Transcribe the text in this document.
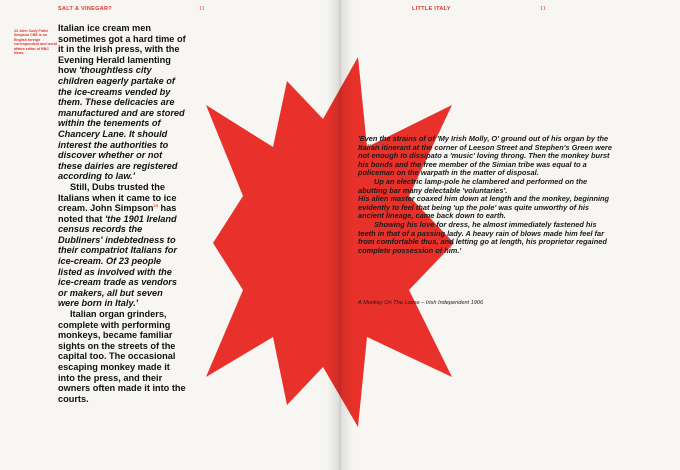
SALT & VINEGAR?	11
23 John Cody Fidler Simpson CBE is an English foreign correspondent and world affairs editor of BBC News.

Italian ice cream men sometimes got a hard time of it in the Irish press, with the Evening Herald lamenting how 'thoughtless city children eagerly partake of the ice-creams vended by them. These delicacies are manufactured and are stored within the tenements of Chancery Lane. It should interest the authorities to discover whether or not these dairies are registered according to law.'

Still, Dubs trusted the Italians when it came to ice cream. John Simpson$^{23}$ has noted that 'the 1901 Ireland census records the Dubliners' indebtedness to their compatriot Italians for ice-cream. Of 23 people listed as involved with the ice-cream trade as vendors or makers, all but seven were born in Italy.'

Italian organ grinders, complete with performing monkeys, became familiar sights on the streets of the capital too. The occasional escaping monkey made it into the press, and their owners often made it into the courts.

LITTLE ITALY	11

'Even the strains of of 'My Irish Molly, O' ground out of his organ by the Italian itinerant at the corner of Leeson Street and Stephen's Green were not enough to dissipato a 'music' loving throng. Then the monkey burst his bonds and the free member of the Simian tribe was equal to a policeman on the warpath in the matter of disposal.

Up an electric lamp-pole he clambered and performed on the abutting bar many delectable 'voluntaries'.

His alien master coaxed him down at length and the monkey, beginning evidently to feel that being 'up the pole' was quite unworthy of his ancient lineage, came back down to earth.

Showing his love for dress, he almost immediately fastened his teeth in that of a passing lady. A heavy rain of blows made him feel far from comfortable thus, and letting go at length, his proprietor regained complete possession of him.'

A Monkey On The Loose – Irish Independent 1906
